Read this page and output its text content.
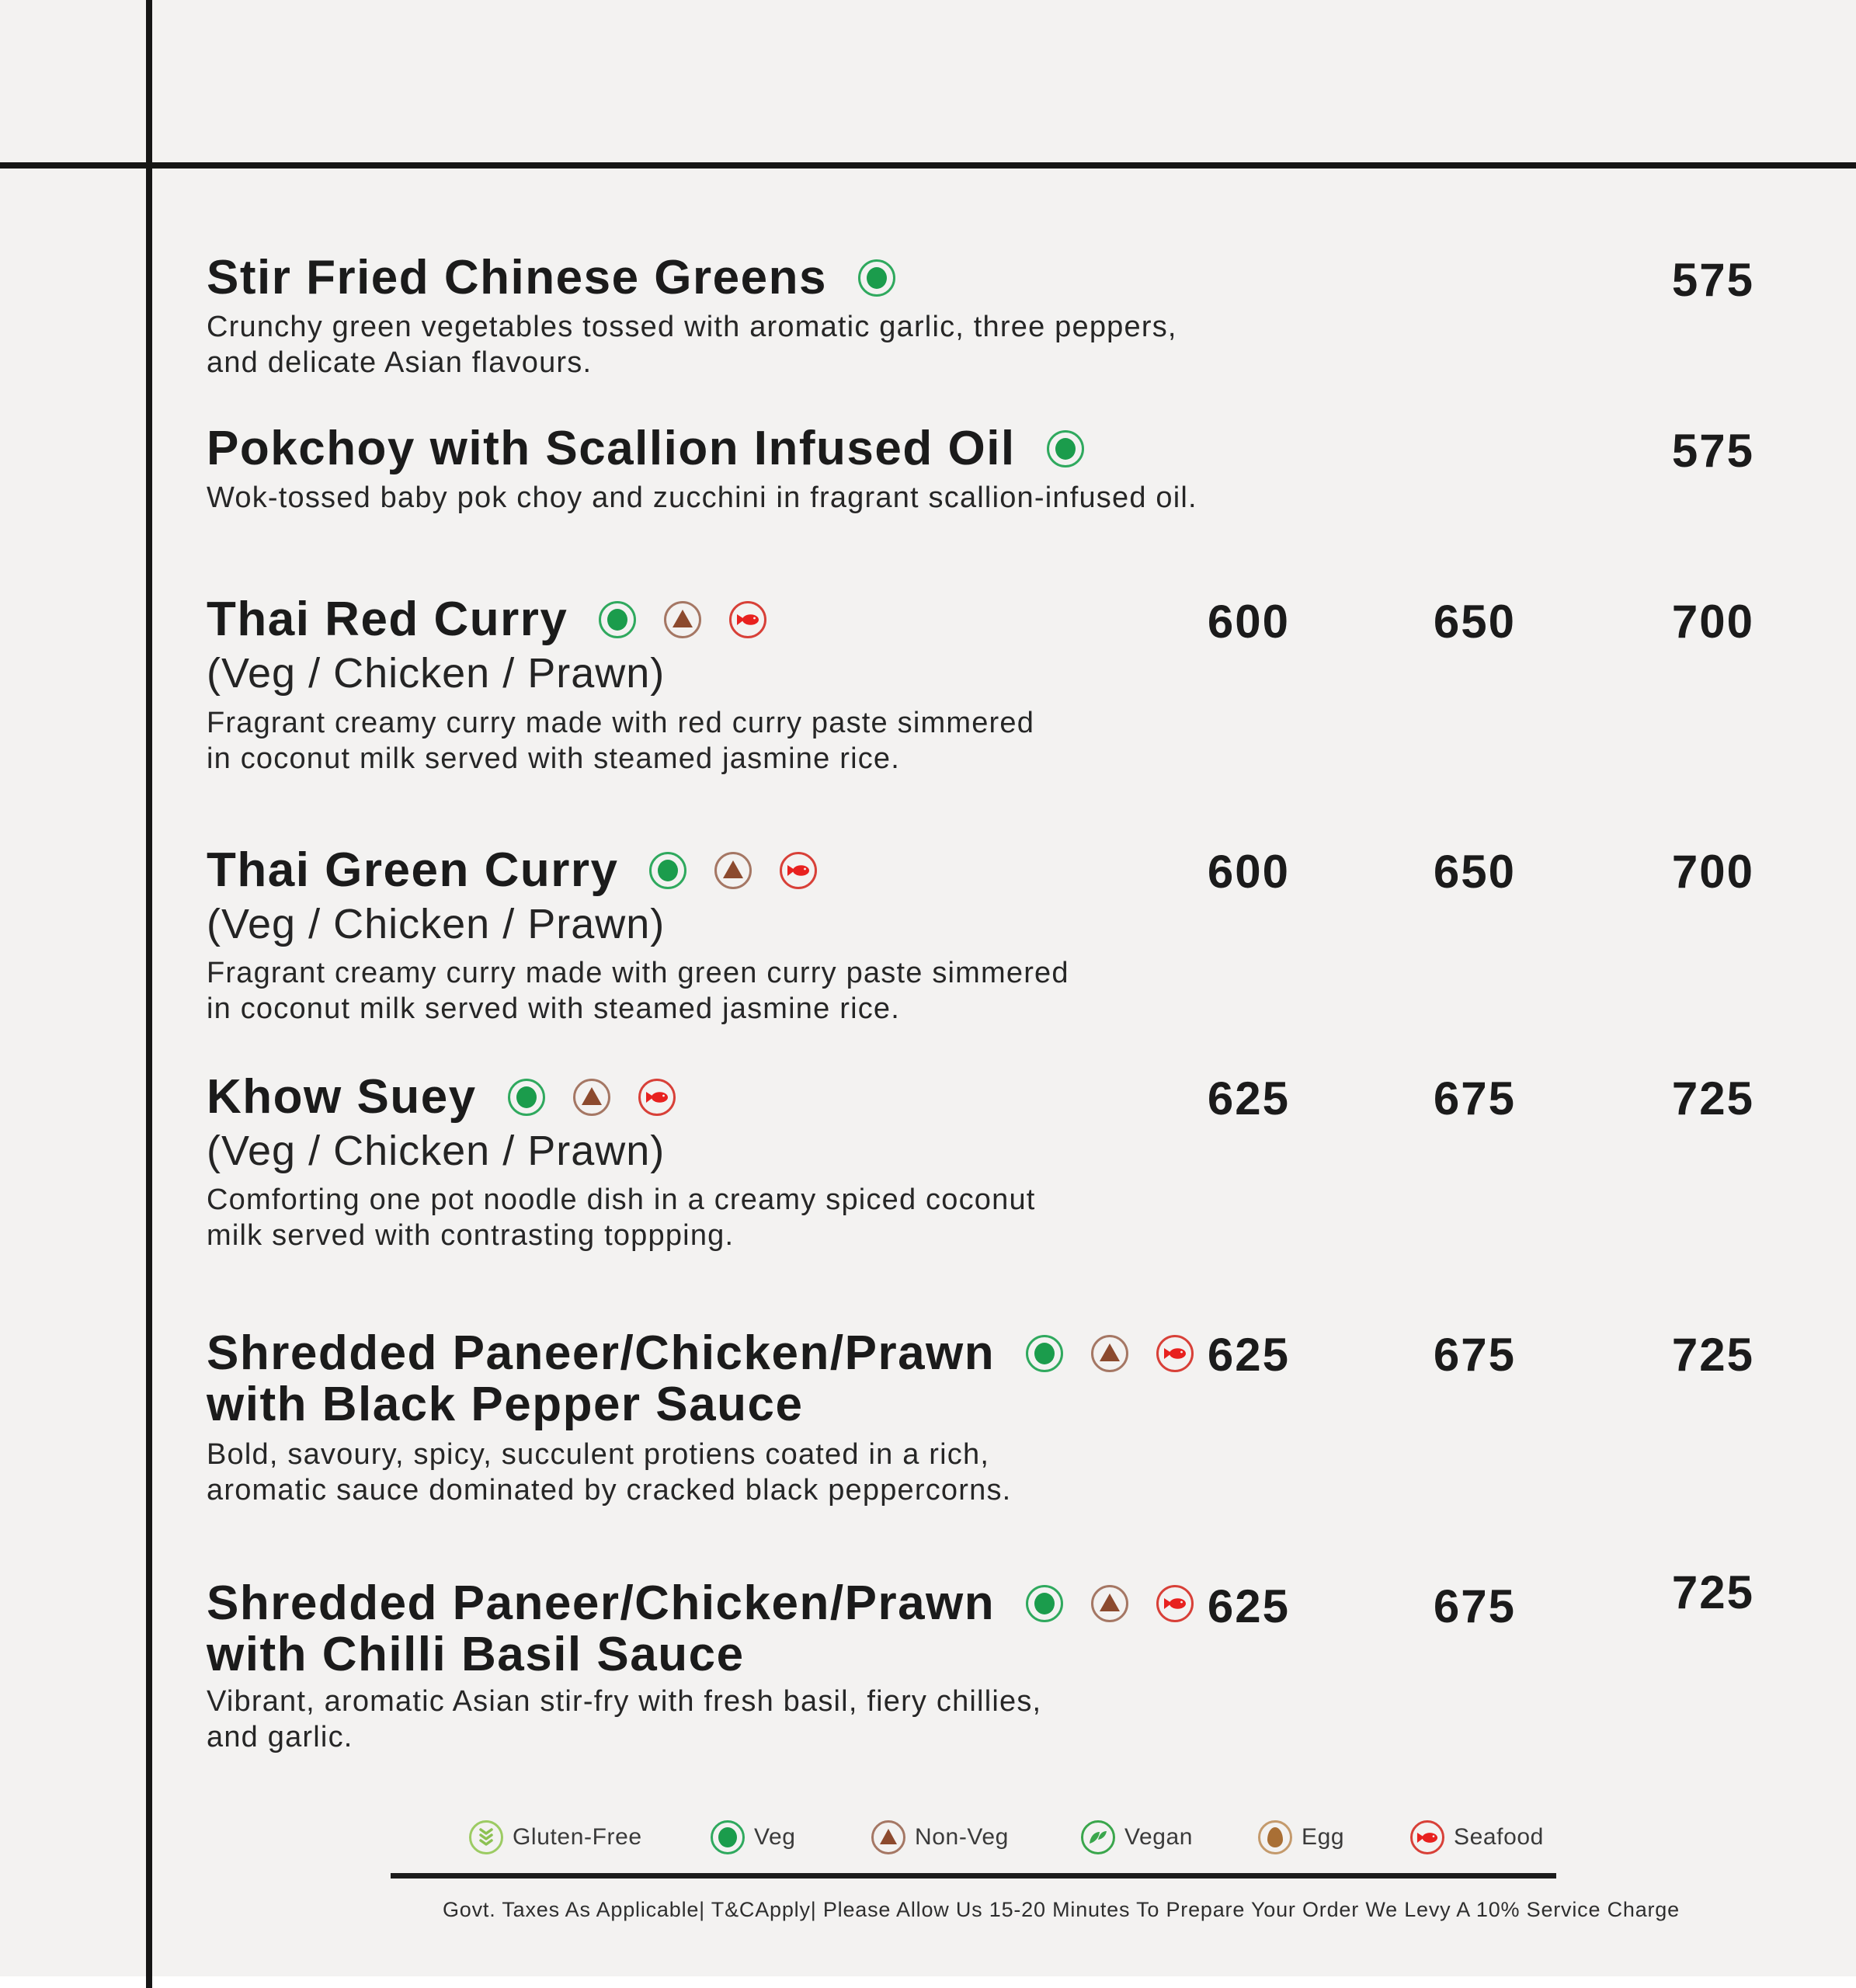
Stir Fried Chinese Greens

Crunchy green vegetables tossed with aromatic garlic, three peppers,
and delicate Asian flavours.

575
Pokchoy with Scallion Infused Oil

Wok-tossed baby pok choy and zucchini in fragrant scallion-infused oil.

575
Thai Red Curry
(Veg / Chicken / Prawn)

Fragrant creamy curry made with red curry paste simmered
in coconut milk served with steamed jasmine rice.

600	650	700
Thai Green Curry
(Veg / Chicken / Prawn)

Fragrant creamy curry made with green curry paste simmered
in coconut milk served with steamed jasmine rice.

600	650	700
Khow Suey
(Veg / Chicken / Prawn)

Comforting one pot noodle dish in a creamy spiced coconut
milk served with contrasting toppping.

625	675	725
Shredded Paneer/Chicken/Prawn
with Black Pepper Sauce

Bold, savoury, spicy, succulent protiens coated in a rich,
aromatic sauce dominated by cracked black peppercorns.

625	675	725
Shredded Paneer/Chicken/Prawn
with Chilli Basil Sauce

Vibrant, aromatic Asian stir-fry with fresh basil, fiery chillies,
and garlic.

625	675	725
Gluten-Free	Veg	Non-Veg	Vegan	Egg	Seafood
Govt. Taxes As Applicable| T&CApply| Please Allow Us 15-20 Minutes To Prepare Your Order We Levy A 10% Service Charge
